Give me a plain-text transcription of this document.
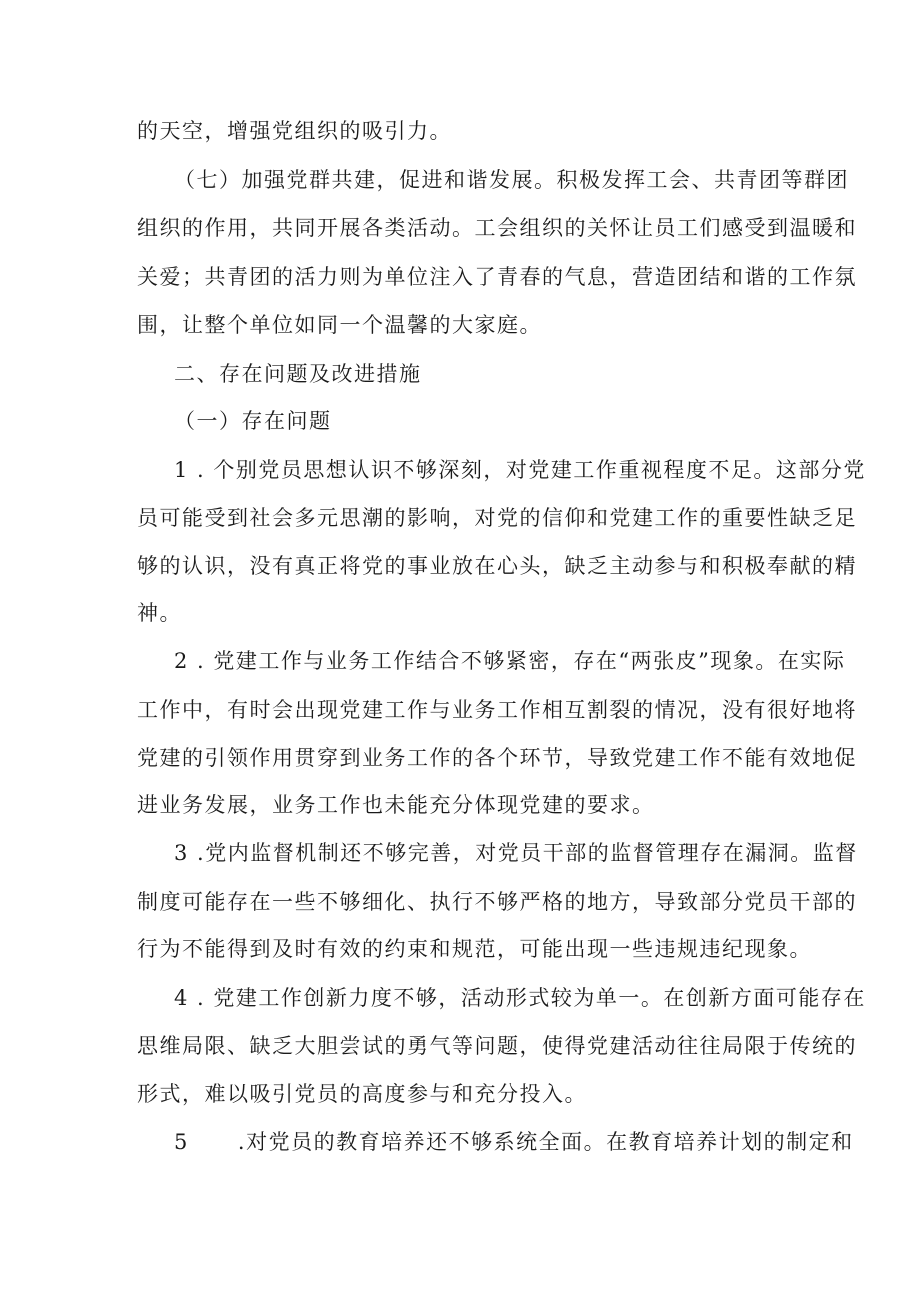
的天空，增强党组织的吸引力。
（七）加强党群共建，促进和谐发展。积极发挥工会、共青团等群团
组织的作用，共同开展各类活动。工会组织的关怀让员工们感受到温暖和
关爱；共青团的活力则为单位注入了青春的气息，营造团结和谐的工作氛
围，让整个单位如同一个温馨的大家庭。
二、存在问题及改进措施
（一）存在问题
1 . 个别党员思想认识不够深刻，对党建工作重视程度不足。这部分党
员可能受到社会多元思潮的影响，对党的信仰和党建工作的重要性缺乏足
够的认识，没有真正将党的事业放在心头，缺乏主动参与和积极奉献的精
神。
2 . 党建工作与业务工作结合不够紧密，存在“两张皮”现象。在实际
工作中，有时会出现党建工作与业务工作相互割裂的情况，没有很好地将
党建的引领作用贯穿到业务工作的各个环节，导致党建工作不能有效地促
进业务发展，业务工作也未能充分体现党建的要求。
3 .党内监督机制还不够完善，对党员干部的监督管理存在漏洞。监督
制度可能存在一些不够细化、执行不够严格的地方，导致部分党员干部的
行为不能得到及时有效的约束和规范，可能出现一些违规违纪现象。
4 . 党建工作创新力度不够，活动形式较为单一。在创新方面可能存在
思维局限、缺乏大胆尝试的勇气等问题，使得党建活动往往局限于传统的
形式，难以吸引党员的高度参与和充分投入。
5      .对党员的教育培养还不够系统全面。在教育培养计划的制定和
